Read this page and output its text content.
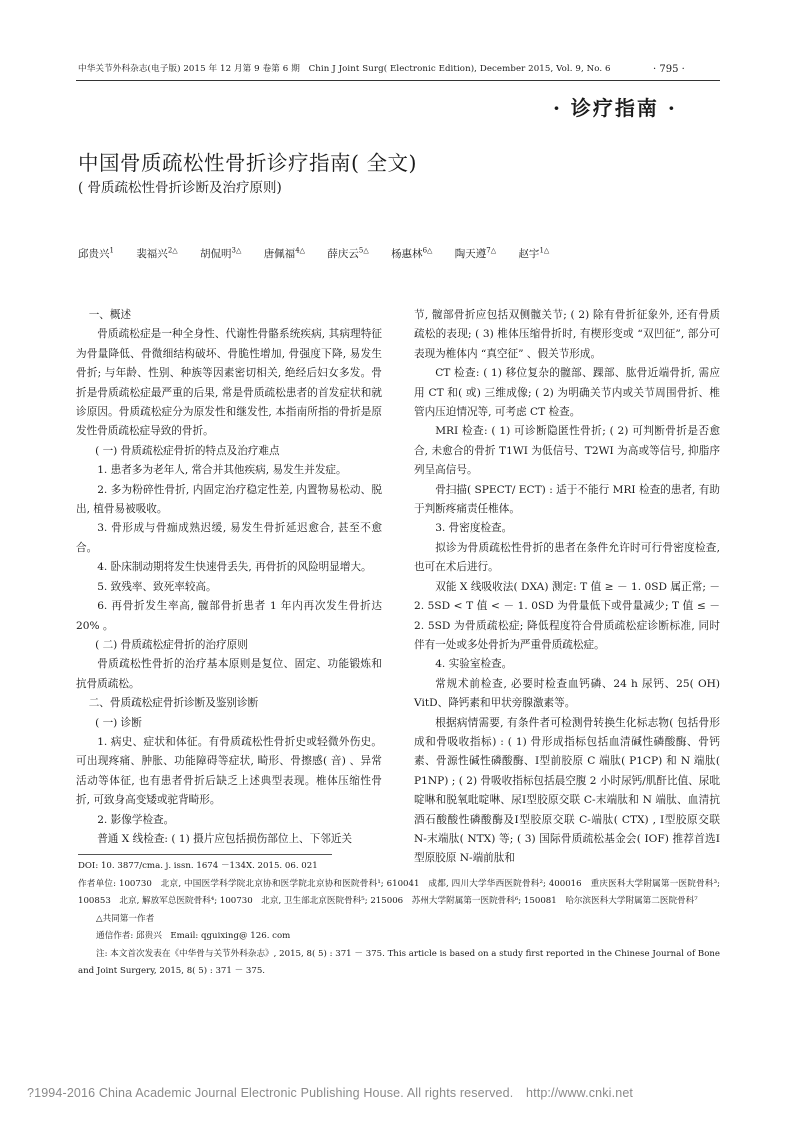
中华关节外科杂志(电子版) 2015 年 12 月第 9 卷第 6 期　Chin J Joint Surg( Electronic Edition), December 2015, Vol. 9, No. 6	· 795 ·
· 诊疗指南 ·
中国骨质疏松性骨折诊疗指南( 全文)
( 骨质疏松性骨折诊断及治疗原则)
邱贵兴$^1$ 裴福兴$^{2\triangle}$ 胡侃明$^{3\triangle}$ 唐佩福$^{4\triangle}$ 薛庆云$^{5\triangle}$ 杨惠林$^{6\triangle}$ 陶天遵$^{7\triangle}$ 赵宇$^{1\triangle}$

一、概述

骨质疏松症是一种全身性、代谢性骨骼系统疾病, 其病理特征为骨量降低、骨微细结构破坏、骨脆性增加, 骨强度下降, 易发生骨折; 与年龄、性别、种族等因素密切相关, 绝经后妇女多发。骨折是骨质疏松症最严重的后果, 常是骨质疏松患者的首发症状和就诊原因。骨质疏松症分为原发性和继发性, 本指南所指的骨折是原发性骨质疏松症导致的骨折。

( 一) 骨质疏松症骨折的特点及治疗难点

1. 患者多为老年人, 常合并其他疾病, 易发生并发症。

2. 多为粉碎性骨折, 内固定治疗稳定性差, 内置物易松动、脱出, 植骨易被吸收。

3. 骨形成与骨痂成熟迟缓, 易发生骨折延迟愈合, 甚至不愈合。

4. 卧床制动期将发生快速骨丢失, 再骨折的风险明显增大。

5. 致残率、致死率较高。

6. 再骨折发生率高, 髋部骨折患者 1 年内再次发生骨折达 20% 。

( 二) 骨质疏松症骨折的治疗原则

骨质疏松性骨折的治疗基本原则是复位、固定、功能锻炼和抗骨质疏松。

二、骨质疏松症骨折诊断及鉴别诊断

( 一) 诊断

1. 病史、症状和体征。有骨质疏松性骨折史或轻微外伤史。可出现疼痛、肿胀、功能障碍等症状, 畸形、骨擦感( 音) 、异常活动等体征, 也有患者骨折后缺乏上述典型表现。椎体压缩性骨折, 可致身高变矮或驼背畸形。

2. 影像学检查。

普通 X 线检查: ( 1) 摄片应包括损伤部位上、下邻近关

节, 髋部骨折应包括双侧髋关节; ( 2) 除有骨折征象外, 还有骨质疏松的表现; ( 3) 椎体压缩骨折时, 有楔形变或 “双凹征”, 部分可表现为椎体内 “真空征” 、假关节形成。

CT 检查: ( 1) 移位复杂的髋部、踝部、肱骨近端骨折, 需应用 CT 和( 或) 三维成像; ( 2) 为明确关节内或关节周围骨折、椎管内压迫情况等, 可考虑 CT 检查。

MRI 检查: ( 1) 可诊断隐匿性骨折; ( 2) 可判断骨折是否愈合, 未愈合的骨折 T1WI 为低信号、T2WI 为高或等信号, 抑脂序列呈高信号。

骨扫描( SPECT/ ECT) : 适于不能行 MRI 检查的患者, 有助于判断疼痛责任椎体。

3. 骨密度检查。

拟诊为骨质疏松性骨折的患者在条件允许时可行骨密度检查, 也可在术后进行。

双能 X 线吸收法( DXA) 测定: T 值 ≥ － 1. 0SD 属正常; －2. 5SD < T 值 < － 1. 0SD 为骨量低下或骨量减少; T 值 ≤ －2. 5SD 为骨质疏松症; 降低程度符合骨质疏松症诊断标准, 同时伴有一处或多处骨折为严重骨质疏松症。

4. 实验室检查。

常规术前检查, 必要时检查血钙磷、24 h 尿钙、25( OH) VitD、降钙素和甲状旁腺激素等。

根据病情需要, 有条件者可检测骨转换生化标志物( 包括骨形成和骨吸收指标) : ( 1) 骨形成指标包括血清碱性磷酸酶、骨钙素、骨源性碱性磷酸酶、Ⅰ型前胶原 C 端肽( P1CP) 和 N 端肽( P1NP) ; ( 2) 骨吸收指标包括晨空腹 2 小时尿钙/肌酐比值、尿吡啶啉和脱氧吡啶啉、尿Ⅰ型胶原交联 C-末端肽和 N 端肽、血清抗酒石酸酸性磷酸酶及Ⅰ型胶原交联 C-端肽( CTX) , Ⅰ型胶原交联 N-末端肽( NTX) 等; ( 3) 国际骨质疏松基金会( IOF) 推荐首选Ⅰ型原胶原 N-端前肽和

DOI: 10. 3877/cma. j. issn. 1674 －134X. 2015. 06. 021

作者单位: 100730　北京, 中国医学科学院北京协和医学院北京协和医院骨科¹; 610041　成都, 四川大学华西医院骨科²; 400016　重庆医科大学附属第一医院骨科³; 100853　北京, 解放军总医院骨科⁴; 100730　北京, 卫生部北京医院骨科⁵; 215006　苏州大学附属第一医院骨科⁶; 150081　哈尔滨医科大学附属第二医院骨科⁷

△共同第一作者

通信作者: 邱贵兴　Email: qguixing@ 126. com

注: 本文首次发表在《中华骨与关节外科杂志》, 2015, 8( 5) : 371 － 375. This article is based on a study first reported in the Chinese Journal of Bone and Joint Surgery, 2015, 8( 5) : 371 － 375.

?1994-2016 China Academic Journal Electronic Publishing House. All rights reserved.　http://www.cnki.net
